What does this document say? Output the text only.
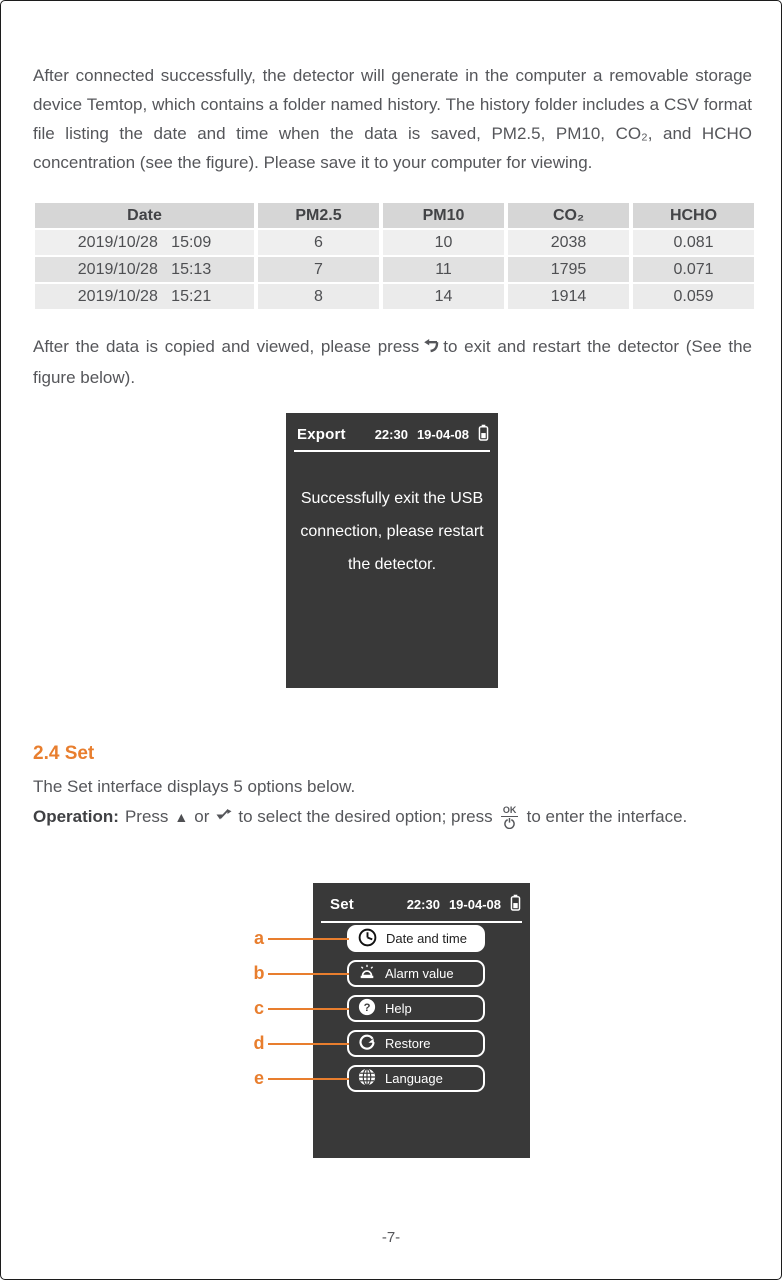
After connected successfully, the detector will generate in the computer a removable storage device Temtop, which contains a folder named history. The history folder includes a CSV format file listing the date and time when the data is saved, PM2.5, PM10, CO₂, and HCHO concentration (see the figure). Please save it to your computer for viewing.

Date	PM2.5	PM10	CO₂	HCHO
2019/10/28   15:09	6	10	2038	0.081
2019/10/28   15:13	7	11	1795	0.071
2019/10/28   15:21	8	14	1914	0.059

After the data is copied and viewed, please press to exit and restart the detector (See the figure below).

Export 22:30 19-04-08
Successfully exit the USB
connection, please restart
the detector.
2.4 Set

The Set interface displays 5 options below.

Operation: Press ▲ or to select the desired option; press OK to enter the interface.
Set	22:30 19-04-08
Date and time
Alarm value
? Help
Restore
Language
a
b
c
d
e
-7-
